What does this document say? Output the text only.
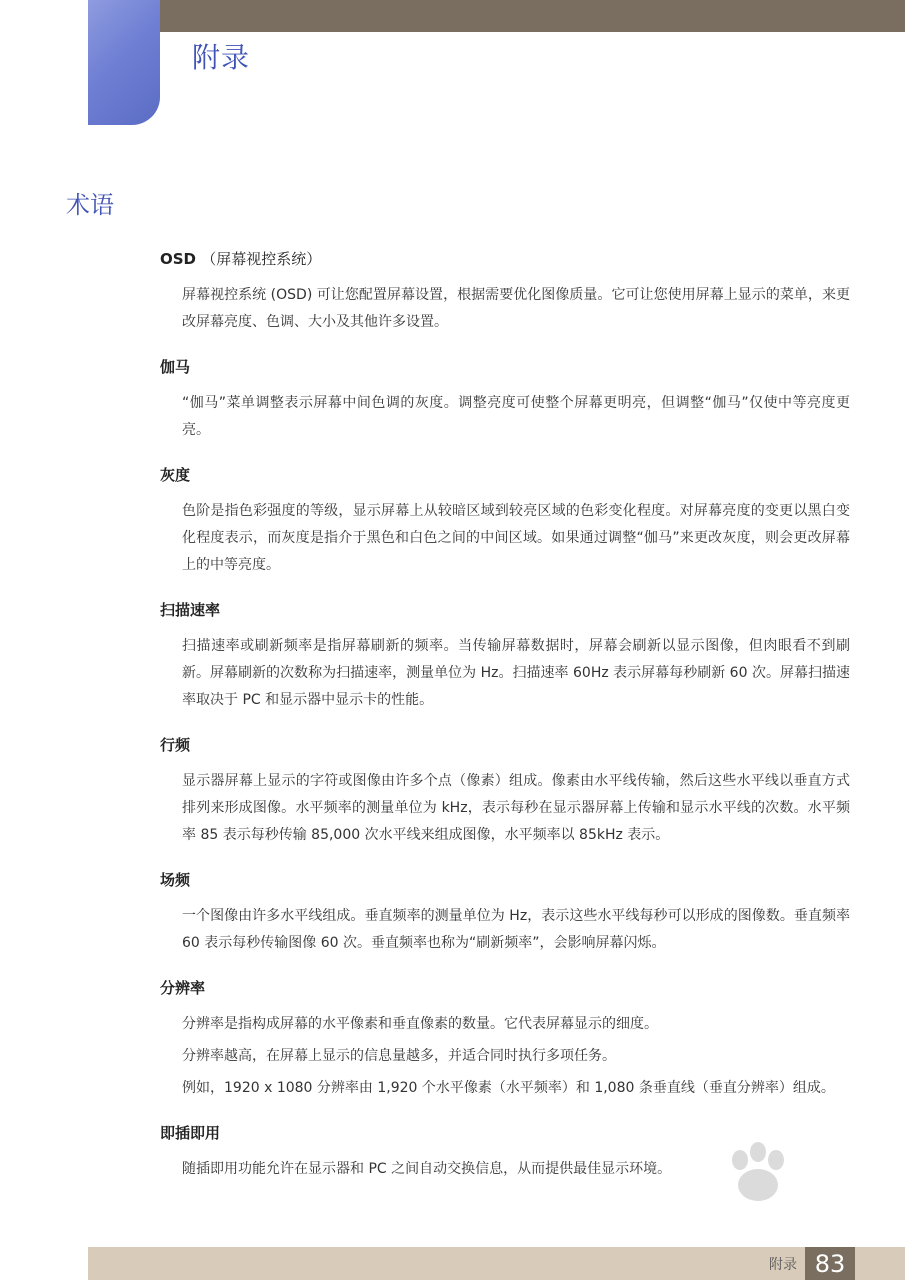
附录
术语
OSD （屏幕视控系统）

屏幕视控系统 (OSD) 可让您配置屏幕设置，根据需要优化图像质量。它可让您使用屏幕上显示的菜单，来更改屏幕亮度、色调、大小及其他许多设置。

伽马

“伽马”菜单调整表示屏幕中间色调的灰度。调整亮度可使整个屏幕更明亮，但调整“伽马”仅使中等亮度更亮。

灰度

色阶是指色彩强度的等级，显示屏幕上从较暗区域到较亮区域的色彩变化程度。对屏幕亮度的变更以黑白变化程度表示，而灰度是指介于黑色和白色之间的中间区域。如果通过调整“伽马”来更改灰度，则会更改屏幕上的中等亮度。

扫描速率

扫描速率或刷新频率是指屏幕刷新的频率。当传输屏幕数据时，屏幕会刷新以显示图像，但肉眼看不到刷新。屏幕刷新的次数称为扫描速率，测量单位为 Hz。扫描速率 60Hz 表示屏幕每秒刷新 60 次。屏幕扫描速率取决于 PC 和显示器中显示卡的性能。

行频

显示器屏幕上显示的字符或图像由许多个点（像素）组成。像素由水平线传输，然后这些水平线以垂直方式排列来形成图像。水平频率的测量单位为 kHz，表示每秒在显示器屏幕上传输和显示水平线的次数。水平频率 85 表示每秒传输 85,000 次水平线来组成图像，水平频率以 85kHz 表示。

场频

一个图像由许多水平线组成。垂直频率的测量单位为 Hz，表示这些水平线每秒可以形成的图像数。垂直频率 60 表示每秒传输图像 60 次。垂直频率也称为“刷新频率”，会影响屏幕闪烁。

分辨率

分辨率是指构成屏幕的水平像素和垂直像素的数量。它代表屏幕显示的细度。

分辨率越高，在屏幕上显示的信息量越多，并适合同时执行多项任务。

例如，1920 x 1080 分辨率由 1,920 个水平像素（水平频率）和 1,080 条垂直线（垂直分辨率）组成。

即插即用

随插即用功能允许在显示器和 PC 之间自动交换信息，从而提供最佳显示环境。

附录 83
